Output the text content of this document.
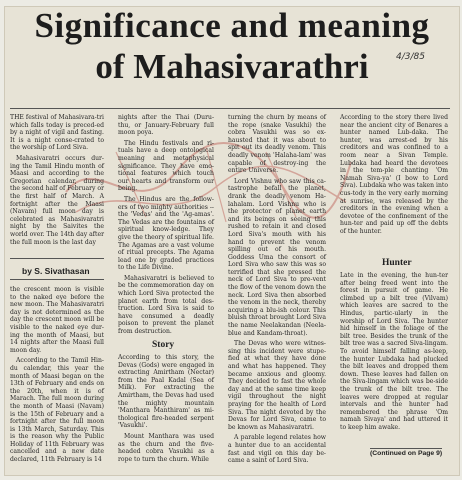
Significance and meaning
of Mahasivarathri	4/3/85

THE festival of Mahasivara-tri which falls today is preced-ed by a night of vigil and fasting. It is a night conse-crated to the worship of Lord Siva.

Mahasivaratri occurs dur-ing the Tamil Hindu month of Maasi and according to the Gregorian calendar, during the second half of February or the first half of March. A fortnight after the Maasi (Navam) full moon day is celebrated as Mahasivaratri night by the Saivites the world over. The 14th day after the full moon is the last day

by S. Sivathasan

the crescent moon is visible to the naked eye before the new moon. The Mahasivaratri day is not determined as the day the crescent moon will be visible to the naked eye dur-ing the month of Maasi, but 14 nights after the Maasi full moon day.

According to the Tamil Hin-du calendar, this year the month of Maasi began on the 13th of February and ends on the 20th, when it is of Marach. The full moon during the month of Maasi (Navam) is the 15th of February and a fortnight after the full moon is 13th March, Saturday. This is the reason why the Public Holiday of 11th February was cancelled and a new date declared, 11th February is 14

nights after the Thai (Duru-thu, or January-February full moon poya.

The Hindu festivals and ri-tuals have a deep ontological meaning and metaphysical significance. They have emo-tional features which touch our hearts and transform our being.

The Hindus are the follow-ers of two mighty authorities -- the 'Vedas' and the 'Ag-amas'. The Vedas are the fountains of spiritual know-ledge. They give the theory of spiritual life. The Agamas are a vast volume of ritual precepts. The Agama lead one by graded practices to the Life Divine.

Mahasivaratri is believed to be the commemoration day on which Lord Siva protected the planet earth from total des-truction. Lord Siva is said to have consumed a deadly poison to prevent the planet from destruction.

Story

According to this story, the Devas (Gods) were engaged in extracting Amirtham (Nectar) from the Paal Kadal (Sea of Milk). For extracting the Amirtham, the Devas had used the mighty mountain 'Manthara Manthiram' as mi-thological fire-headed serpent 'Vasukhi'.

Mount Manthara was used as the churn and the five-headed cobra Vasukhi as a rope to turn the churn. While

turning the churn by means of the rope (snake Vasukhi) the cobra Vasukhi was so ex-hausted that it was about to spit out its deadly venom. This deadly venom 'Halaha-lam' was capable of destroy-ing the entire Universe.

Lord Vishnu who saw this ca-tastrophe befall the planet, drank the deadly venom Ha-lahalam. Lord Vishnu who is the protector of planet earth and its beings on seeing this rushed to retain it and closed Lord Siva's mouth with his hand to prevent the venom spilling out of his mouth. Goddess Uma the consort of Lord Siva who saw this was so terrified that she pressed the neck of Lord Siva to pre-vent the flow of the venom down the neck. Lord Siva then absorbed the venom in the neck, thereby acquiring a blu-ish colour. This bluish throat brought Lord Siva the name Neelakandan (Neela-blue and Kandam-throat).

The Devas who were witnes-sing this incident were stupe-fied at what they have done and what has happened. They became anxious and gloomy. They decided to fast the whole day and at the same time keep vigil throughout the night praying for the health of Lord Siva. The night devoted by the Devas for Lord Siva, came to be known as Mahasivaratri.

A parable legend relates how a hunter due to an accidental fast and vigil on this day be-came a saint of Lord Siva.

According to the story there lived near the ancient city of Benares a hunter named Lub-daka. The hunter, was arrest-ed by his creditors and was confined to a room near a Sivan Temple. Lubdaka had heard the devotees in the tem-ple chanting 'Om Namah Siva-ya' (I bow to Lord Siva). Lubdaka who was taken into cus-tody in the very early morning at sunrise, was released by the creditors in the evening when a devotee of the confinement of the hun-ter and paid up off the debts of the hunter.

Hunter

Late in the evening, the hun-ter after being freed went into the forest in pursuit of game. He climbed up a bilt tree (Vilvam) which leaves are sacred to the Hindus, partic-ularly in the worship of Lord Siva. The hunter hid himself in the foliage of the bilt tree. Besides the trunk of the bilt tree was a sacred Siva-lingam. To avoid himself falling as-leep, the hunter Lubdaka had plucked the bilt leaves and dropped them down. These leaves had fallen on the Siva-lingam which was be-side the trunk of the bilt tree. The leaves were dropped at regular intervals and the hunter had remembered the phrase 'Om namah Sivaya' and had uttered it to keep him awake.

(Continued on Page 9)
